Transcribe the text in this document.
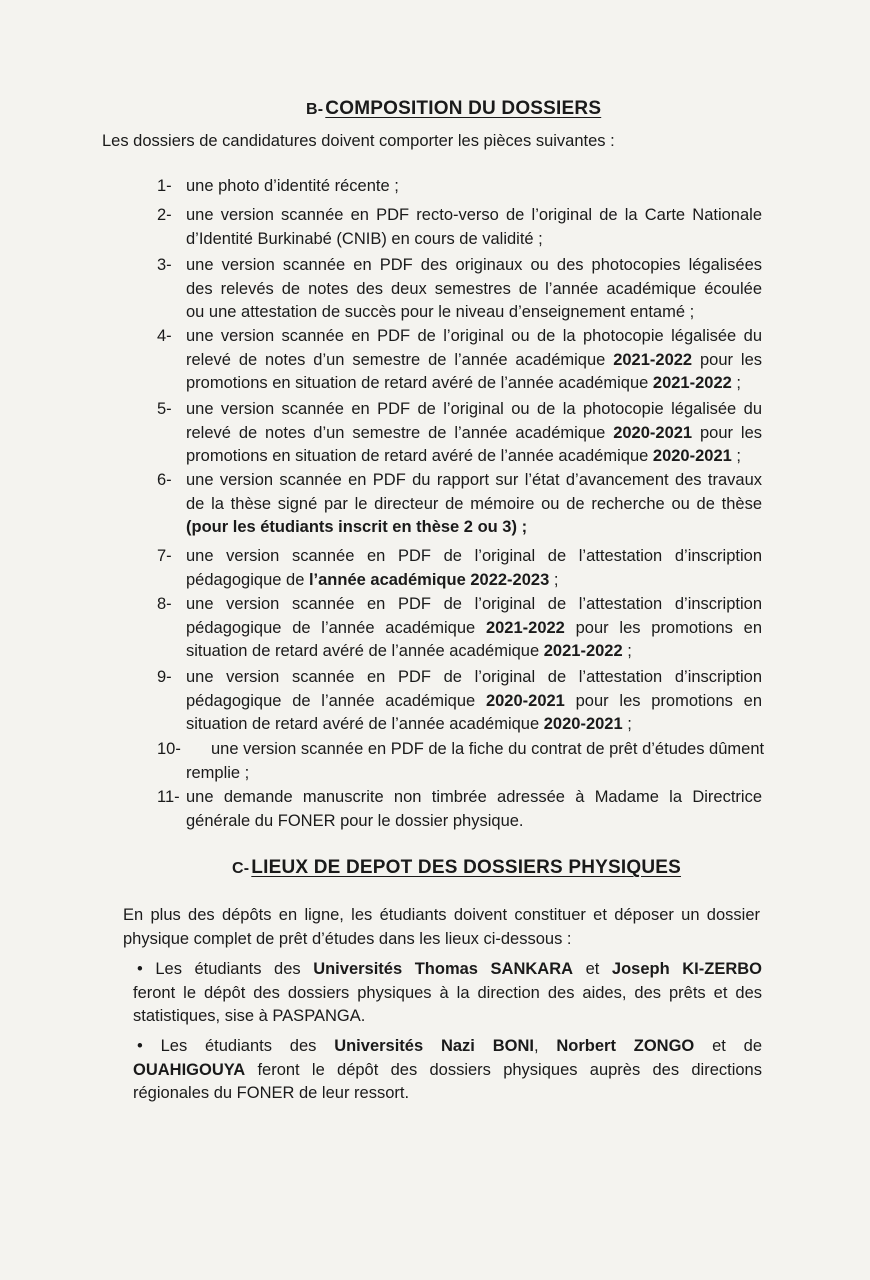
B- COMPOSITION DU DOSSIERS
Les dossiers de candidatures doivent comporter les pièces suivantes :
1- une photo d’identité récente ;
2- une version scannée en PDF recto-verso de l’original de la Carte Nationale
d’Identité Burkinabé (CNIB) en cours de validité ;
3- une version scannée en PDF des originaux ou des photocopies légalisées
des relevés de notes des deux semestres de l’année académique écoulée
ou une attestation de succès pour le niveau d’enseignement entamé ;
4- une version scannée en PDF de l’original ou de la photocopie légalisée du
relevé de notes d’un semestre de l’année académique 2021-2022 pour les
promotions en situation de retard avéré de l’année académique 2021-2022 ;
5- une version scannée en PDF de l’original ou de la photocopie légalisée du
relevé de notes d’un semestre de l’année académique 2020-2021 pour les
promotions en situation de retard avéré de l’année académique 2020-2021 ;
6- une version scannée en PDF du rapport sur l’état d’avancement des travaux
de la thèse signé par le directeur de mémoire ou de recherche ou de thèse
(pour les étudiants inscrit en thèse 2 ou 3) ;
7- une version scannée en PDF de l’original de l’attestation d’inscription
pédagogique de l’année académique 2022-2023 ;
8- une version scannée en PDF de l’original de l’attestation d’inscription
pédagogique de l’année académique 2021-2022 pour les promotions en
situation de retard avéré de l’année académique 2021-2022 ;
9- une version scannée en PDF de l’original de l’attestation d’inscription
pédagogique de l’année académique 2020-2021 pour les promotions en
situation de retard avéré de l’année académique 2020-2021 ;
10- une version scannée en PDF de la fiche du contrat de prêt d’études dûment
remplie ;
11- une demande manuscrite non timbrée adressée à Madame la Directrice
générale du FONER pour le dossier physique.
C- LIEUX DE DEPOT DES DOSSIERS PHYSIQUES
En plus des dépôts en ligne, les étudiants doivent constituer et déposer un dossier
physique complet de prêt d’études dans les lieux ci-dessous :
• Les étudiants des Universités Thomas SANKARA et Joseph KI-ZERBO
feront le dépôt des dossiers physiques à la direction des aides, des prêts et des
statistiques, sise à PASPANGA.
• Les étudiants des Universités Nazi BONI, Norbert ZONGO et de
OUAHIGOUYA feront le dépôt des dossiers physiques auprès des directions
régionales du FONER de leur ressort.
